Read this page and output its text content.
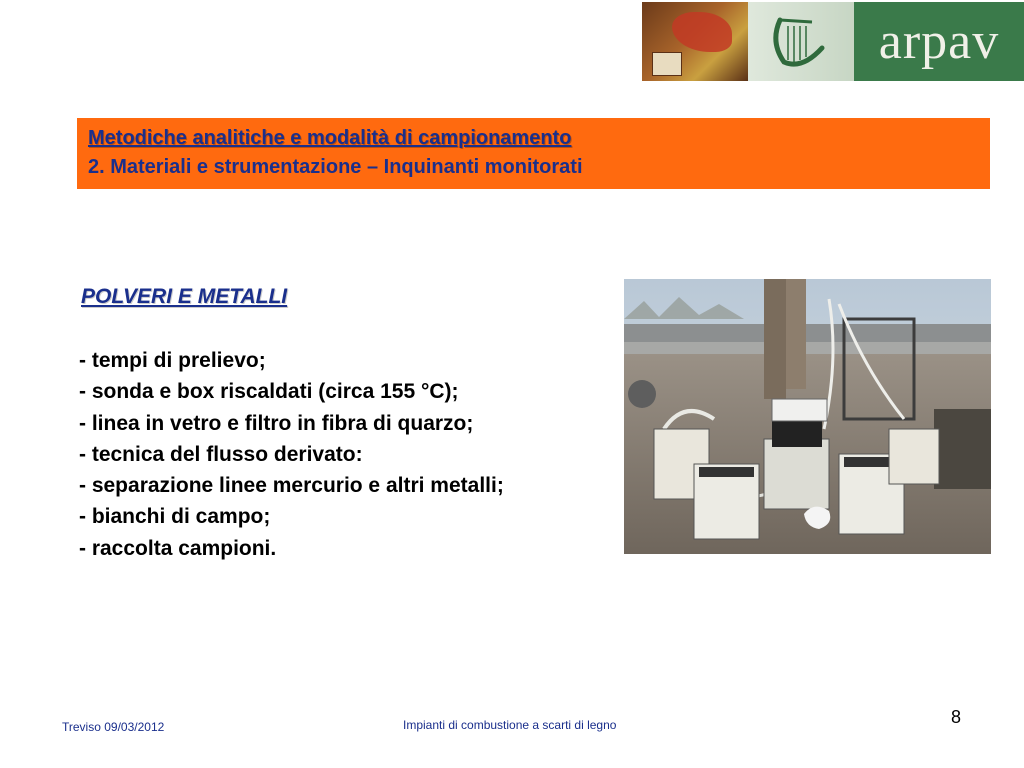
arpav
Metodiche analitiche e modalità di campionamento
2. Materiali e strumentazione – Inquinanti monitorati
POLVERI E METALLI
- tempi di prelievo;
- sonda e box riscaldati (circa 155 °C);
- linea in vetro e filtro in fibra di quarzo;
- tecnica del flusso derivato:
- separazione linee mercurio e altri metalli;
- bianchi di campo;
- raccolta campioni.
Treviso 09/03/2012	Impianti di combustione a scarti di legno	8
